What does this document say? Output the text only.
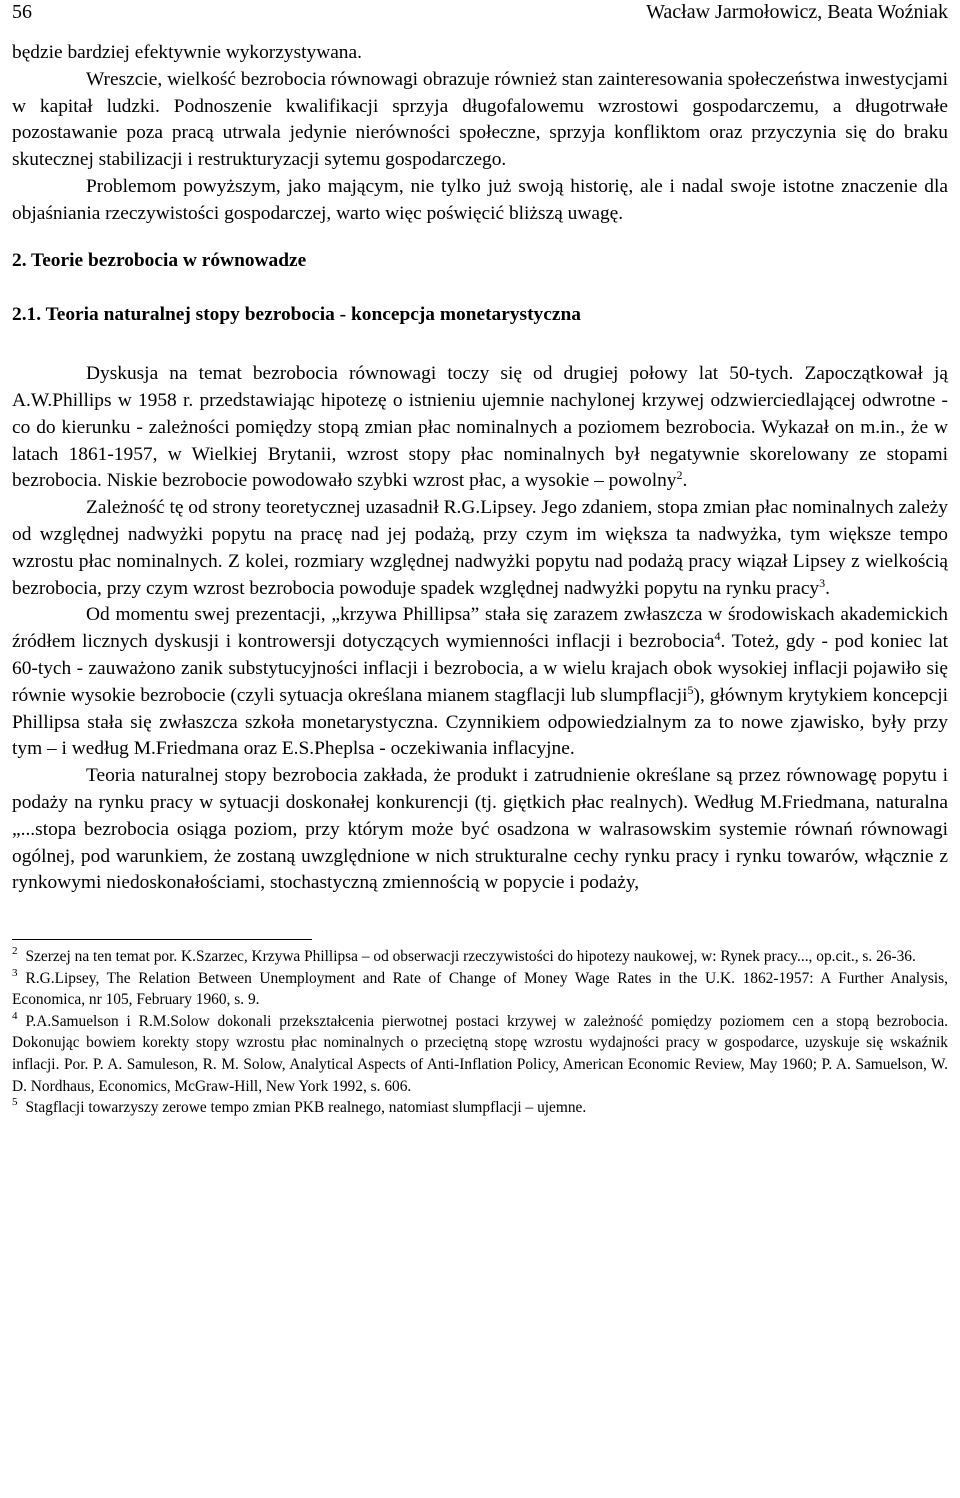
56	Wacław Jarmołowicz, Beata Woźniak

będzie bardziej efektywnie wykorzystywana.

Wreszcie, wielkość bezrobocia równowagi obrazuje również stan zainteresowania społeczeństwa inwestycjami w kapitał ludzki. Podnoszenie kwalifikacji sprzyja długofalowemu wzrostowi gospodarczemu, a długotrwałe pozostawanie poza pracą utrwala jedynie nierówności społeczne, sprzyja konfliktom oraz przyczynia się do braku skutecznej stabilizacji i restrukturyzacji sytemu gospodarczego.

Problemom powyższym, jako mającym, nie tylko już swoją historię, ale i nadal swoje istotne znaczenie dla objaśniania rzeczywistości gospodarczej, warto więc poświęcić bliższą uwagę.

2. Teorie bezrobocia w równowadze
2.1. Teoria naturalnej stopy bezrobocia - koncepcja monetarystyczna

Dyskusja na temat bezrobocia równowagi toczy się od drugiej połowy lat 50-tych. Zapoczątkował ją A.W.Phillips w 1958 r. przedstawiając hipotezę o istnieniu ujemnie nachylonej krzywej odzwierciedlającej odwrotne - co do kierunku - zależności pomiędzy stopą zmian płac nominalnych a poziomem bezrobocia. Wykazał on m.in., że w latach 1861-1957, w Wielkiej Brytanii, wzrost stopy płac nominalnych był negatywnie skorelowany ze stopami bezrobocia. Niskie bezrobocie powodowało szybki wzrost płac, a wysokie – powolny$^2$.

Zależność tę od strony teoretycznej uzasadnił R.G.Lipsey. Jego zdaniem, stopa zmian płac nominalnych zależy od względnej nadwyżki popytu na pracę nad jej podażą, przy czym im większa ta nadwyżka, tym większe tempo wzrostu płac nominalnych. Z kolei, rozmiary względnej nadwyżki popytu nad podażą pracy wiązał Lipsey z wielkością bezrobocia, przy czym wzrost bezrobocia powoduje spadek względnej nadwyżki popytu na rynku pracy$^3$.

Od momentu swej prezentacji, „krzywa Phillipsa” stała się zarazem zwłaszcza w środowiskach akademickich źródłem licznych dyskusji i kontrowersji dotyczących wymienności inflacji i bezrobocia$^4$. Toteż, gdy - pod koniec lat 60-tych - zauważono zanik substytucyjności inflacji i bezrobocia, a w wielu krajach obok wysokiej inflacji pojawiło się równie wysokie bezrobocie (czyli sytuacja określana mianem stagflacji lub slumpflacji$^5$), głównym krytykiem koncepcji Phillipsa stała się zwłaszcza szkoła monetarystyczna. Czynnikiem odpowiedzialnym za to nowe zjawisko, były przy tym – i według M.Friedmana oraz E.S.Pheplsa - oczekiwania inflacyjne.

Teoria naturalnej stopy bezrobocia zakłada, że produkt i zatrudnienie określane są przez równowagę popytu i podaży na rynku pracy w sytuacji doskonałej konkurencji (tj. giętkich płac realnych). Według M.Friedmana, naturalna „...stopa bezrobocia osiąga poziom, przy którym może być osadzona w walrasowskim systemie równań równowagi ogólnej, pod warunkiem, że zostaną uwzględnione w nich strukturalne cechy rynku pracy i rynku towarów, włącznie z rynkowymi niedoskonałościami, stochastyczną zmiennością w popycie i podaży,

$^2$ Szerzej na ten temat por. K.Szarzec, Krzywa Phillipsa – od obserwacji rzeczywistości do hipotezy naukowej, w: Rynek pracy..., op.cit., s. 26-36.

$^3$ R.G.Lipsey, The Relation Between Unemployment and Rate of Change of Money Wage Rates in the U.K. 1862-1957: A Further Analysis, Economica, nr 105, February 1960, s. 9.

$^4$ P.A.Samuelson i R.M.Solow dokonali przekształcenia pierwotnej postaci krzywej w zależność pomiędzy poziomem cen a stopą bezrobocia. Dokonując bowiem korekty stopy wzrostu płac nominalnych o przeciętną stopę wzrostu wydajności pracy w gospodarce, uzyskuje się wskaźnik inflacji. Por. P. A. Samuleson, R. M. Solow, Analytical Aspects of Anti-Inflation Policy, American Economic Review, May 1960; P. A. Samuelson, W. D. Nordhaus, Economics, McGraw-Hill, New York 1992, s. 606.

$^5$ Stagflacji towarzyszy zerowe tempo zmian PKB realnego, natomiast slumpflacji – ujemne.
